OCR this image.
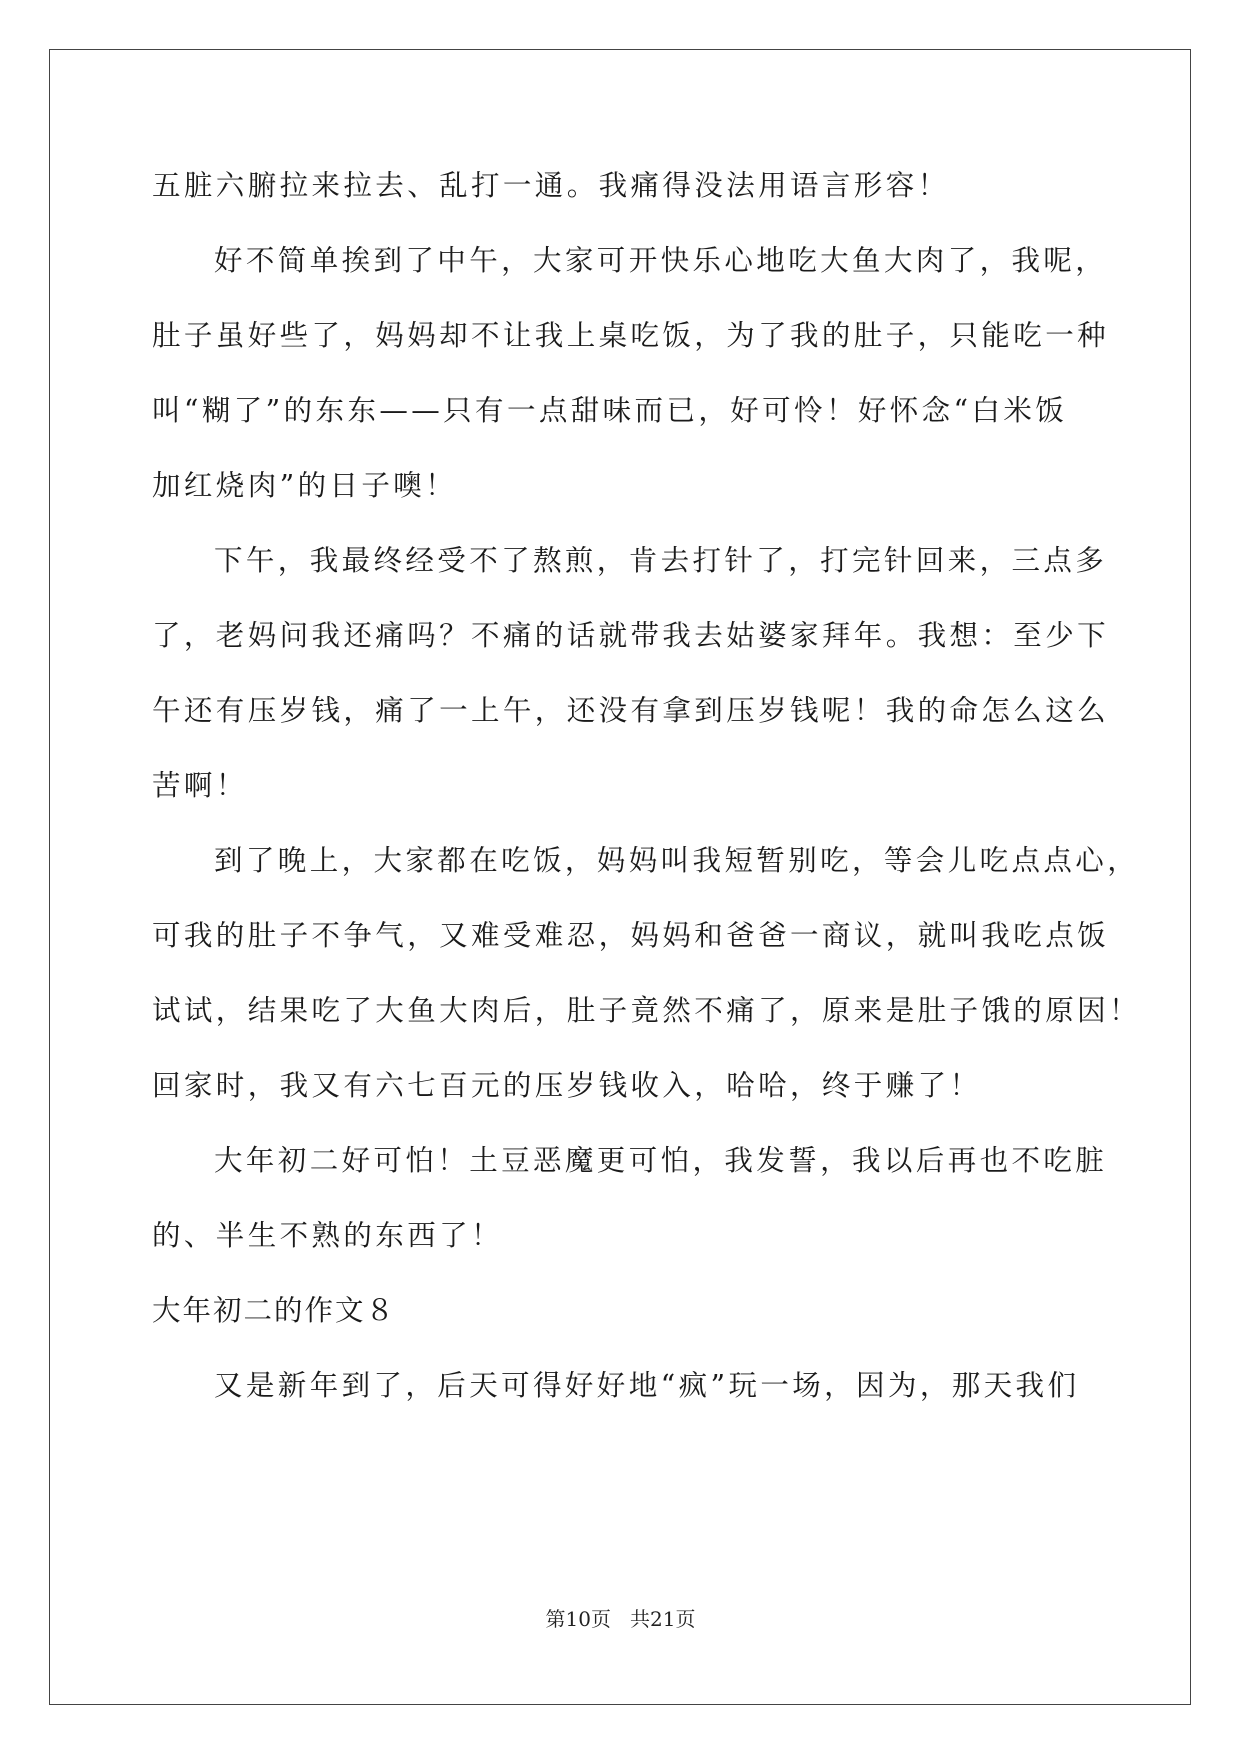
五脏六腑拉来拉去、乱打一通。我痛得没法用语言形容！
好不简单挨到了中午，大家可开快乐心地吃大鱼大肉了，我呢，
肚子虽好些了，妈妈却不让我上桌吃饭，为了我的肚子，只能吃一种
叫“糊了”的东东——只有一点甜味而已，好可怜！好怀念“白米饭
加红烧肉”的日子噢！
下午，我最终经受不了熬煎，肯去打针了，打完针回来，三点多
了，老妈问我还痛吗？不痛的话就带我去姑婆家拜年。我想：至少下
午还有压岁钱，痛了一上午，还没有拿到压岁钱呢！我的命怎么这么
苦啊！
到了晚上，大家都在吃饭，妈妈叫我短暂别吃，等会儿吃点点心，
可我的肚子不争气，又难受难忍，妈妈和爸爸一商议，就叫我吃点饭
试试，结果吃了大鱼大肉后，肚子竟然不痛了，原来是肚子饿的原因！
回家时，我又有六七百元的压岁钱收入，哈哈，终于赚了！
大年初二好可怕！土豆恶魔更可怕，我发誓，我以后再也不吃脏
的、半生不熟的东西了！
大年初二的作文８
又是新年到了，后天可得好好地“疯”玩一场，因为，那天我们
第10页 共21页
